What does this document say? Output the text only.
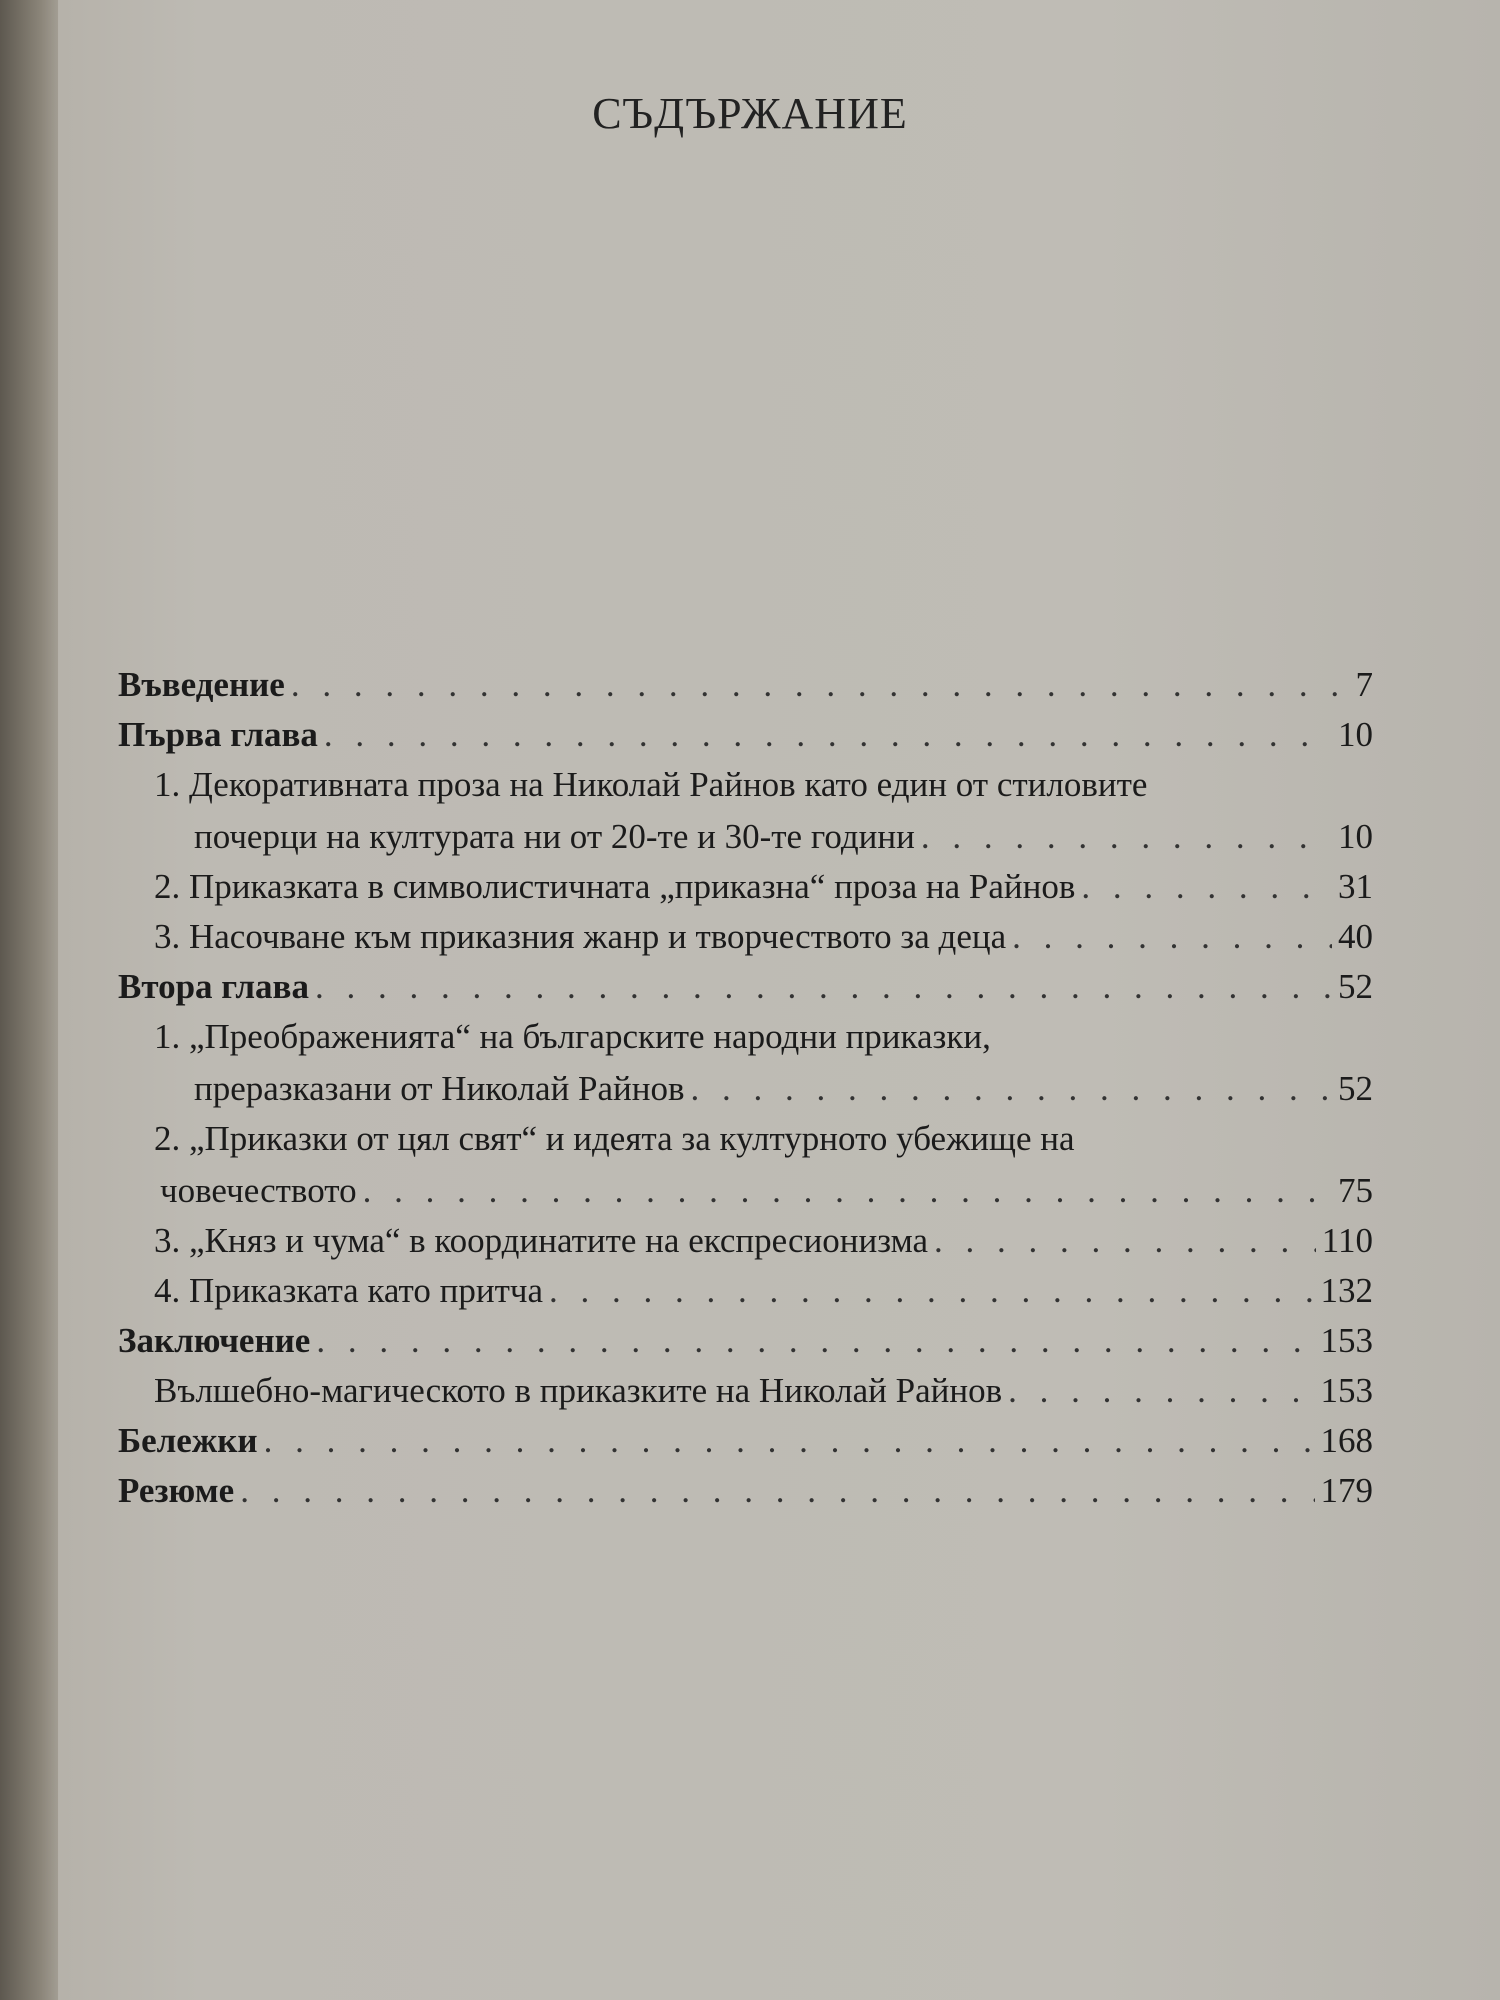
СЪДЪРЖАНИЕ
Въведение . . .	7
Първа глава . . .	10
1. Декоративната проза на Николай Райнов като един от стиловите
почерци на културата ни от 20-те и 30-те години . . .	10
2. Приказката в символистичната „приказна“ проза на Райнов . . .	31
3. Насочване към приказния жанр и творчеството за деца . . .	40
Втора глава . . .	52
1. „Преображенията“ на българските народни приказки,
преразказани от Николай Райнов . . .	52
2. „Приказки от цял свят“ и идеята за културното убежище на
човечеството . . .	75
3. „Княз и чума“ в координатите на експресионизма . . .	110
4. Приказката като притча . . .	132
Заключение . . .	153
Вълшебно-магическото в приказките на Николай Райнов . . .	153
Бележки . . .	168
Резюме . . .	179
